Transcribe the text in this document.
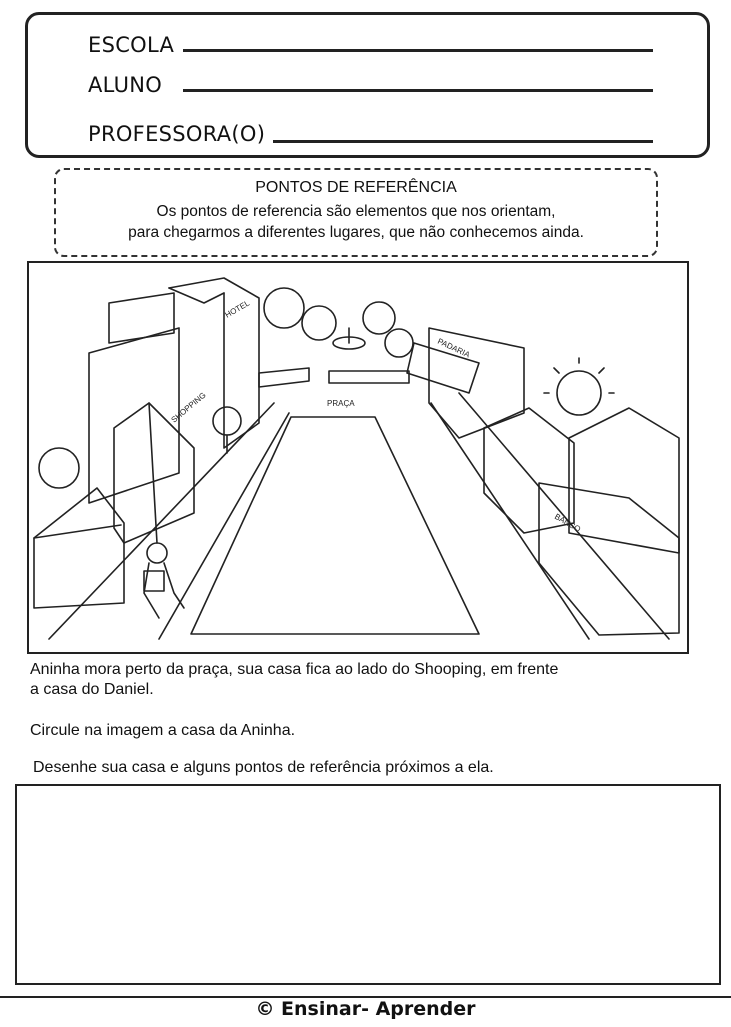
ESCOLA
ALUNO
PROFESSORA(O)
PONTOS DE REFERÊNCIA
Os pontos de referencia são elementos que nos orientam,
para chegarmos a diferentes lugares, que não conhecemos ainda.
SHOPPING
HOTEL
PADARIA
PRAÇA
BANCO
Aninha mora perto da praça, sua casa fica ao lado do Shooping, em frente
a casa do Daniel.
Circule na imagem a casa da Aninha.
Desenhe sua casa e alguns pontos de referência próximos a ela.
© Ensinar- Aprender
